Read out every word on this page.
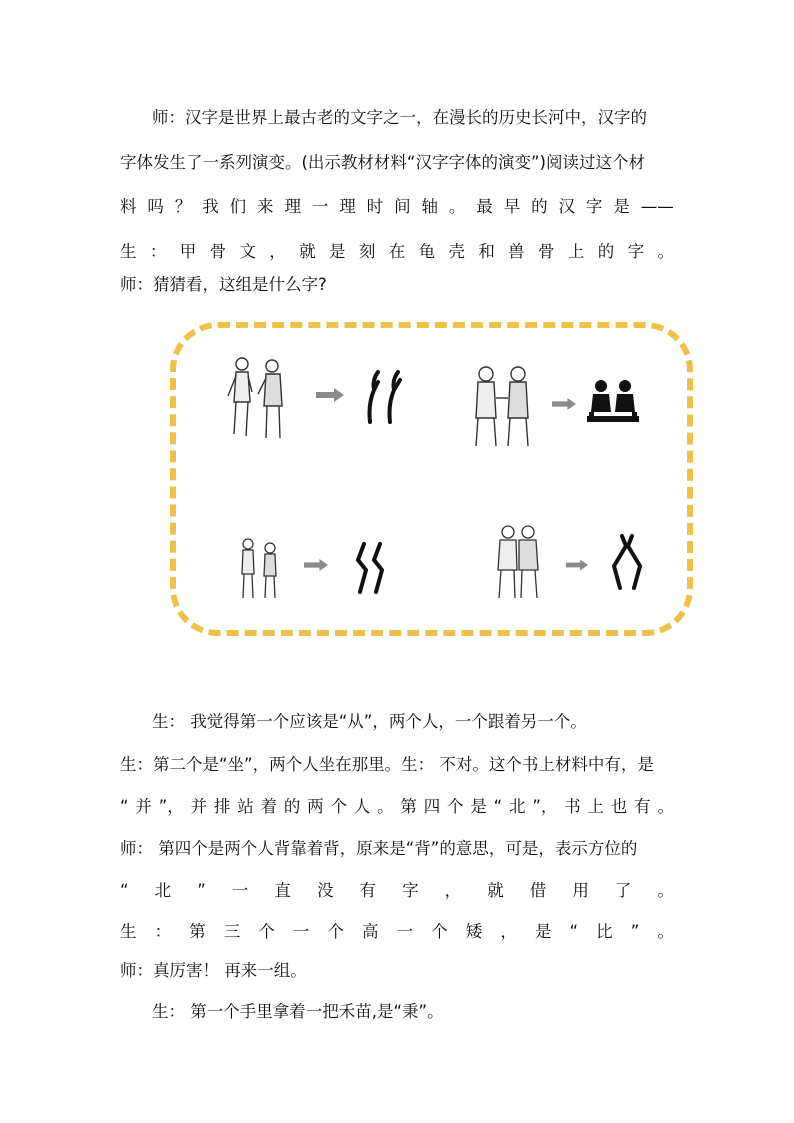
师：汉字是世界上最古老的文字之一，在漫长的历史长河中，汉字的
字体发生了一系列演变。(出示教材材料“汉字字体的演变”)阅读过这个材
料 吗 ？ 我 们 来 理 一 理 时 间 轴 。 最 早 的 汉 字 是 ——
生 ： 甲 骨 文 ， 就 是 刻 在 龟 壳 和 兽 骨 上 的 字 。
师：猜猜看，这组是什么字?
生： 我觉得第一个应该是“从”，两个人，一个跟着另一个。
生：第二个是“坐”，两个人坐在那里。生： 不对。这个书上材料中有，是
“ 并 ”， 并 排 站 着 的 两 个 人 。 第 四 个 是 “ 北 ”， 书 上 也 有 。
师： 第四个是两个人背靠着背，原来是“背”的意思，可是，表示方位的
“ 北 ” 一 直 没 有 字 ， 就 借 用 了 。
生 ： 第 三 个 一 个 高 一 个 矮 ， 是 “ 比 ” 。
师：真厉害！ 再来一组。
生： 第一个手里拿着一把禾苗,是“秉”。
